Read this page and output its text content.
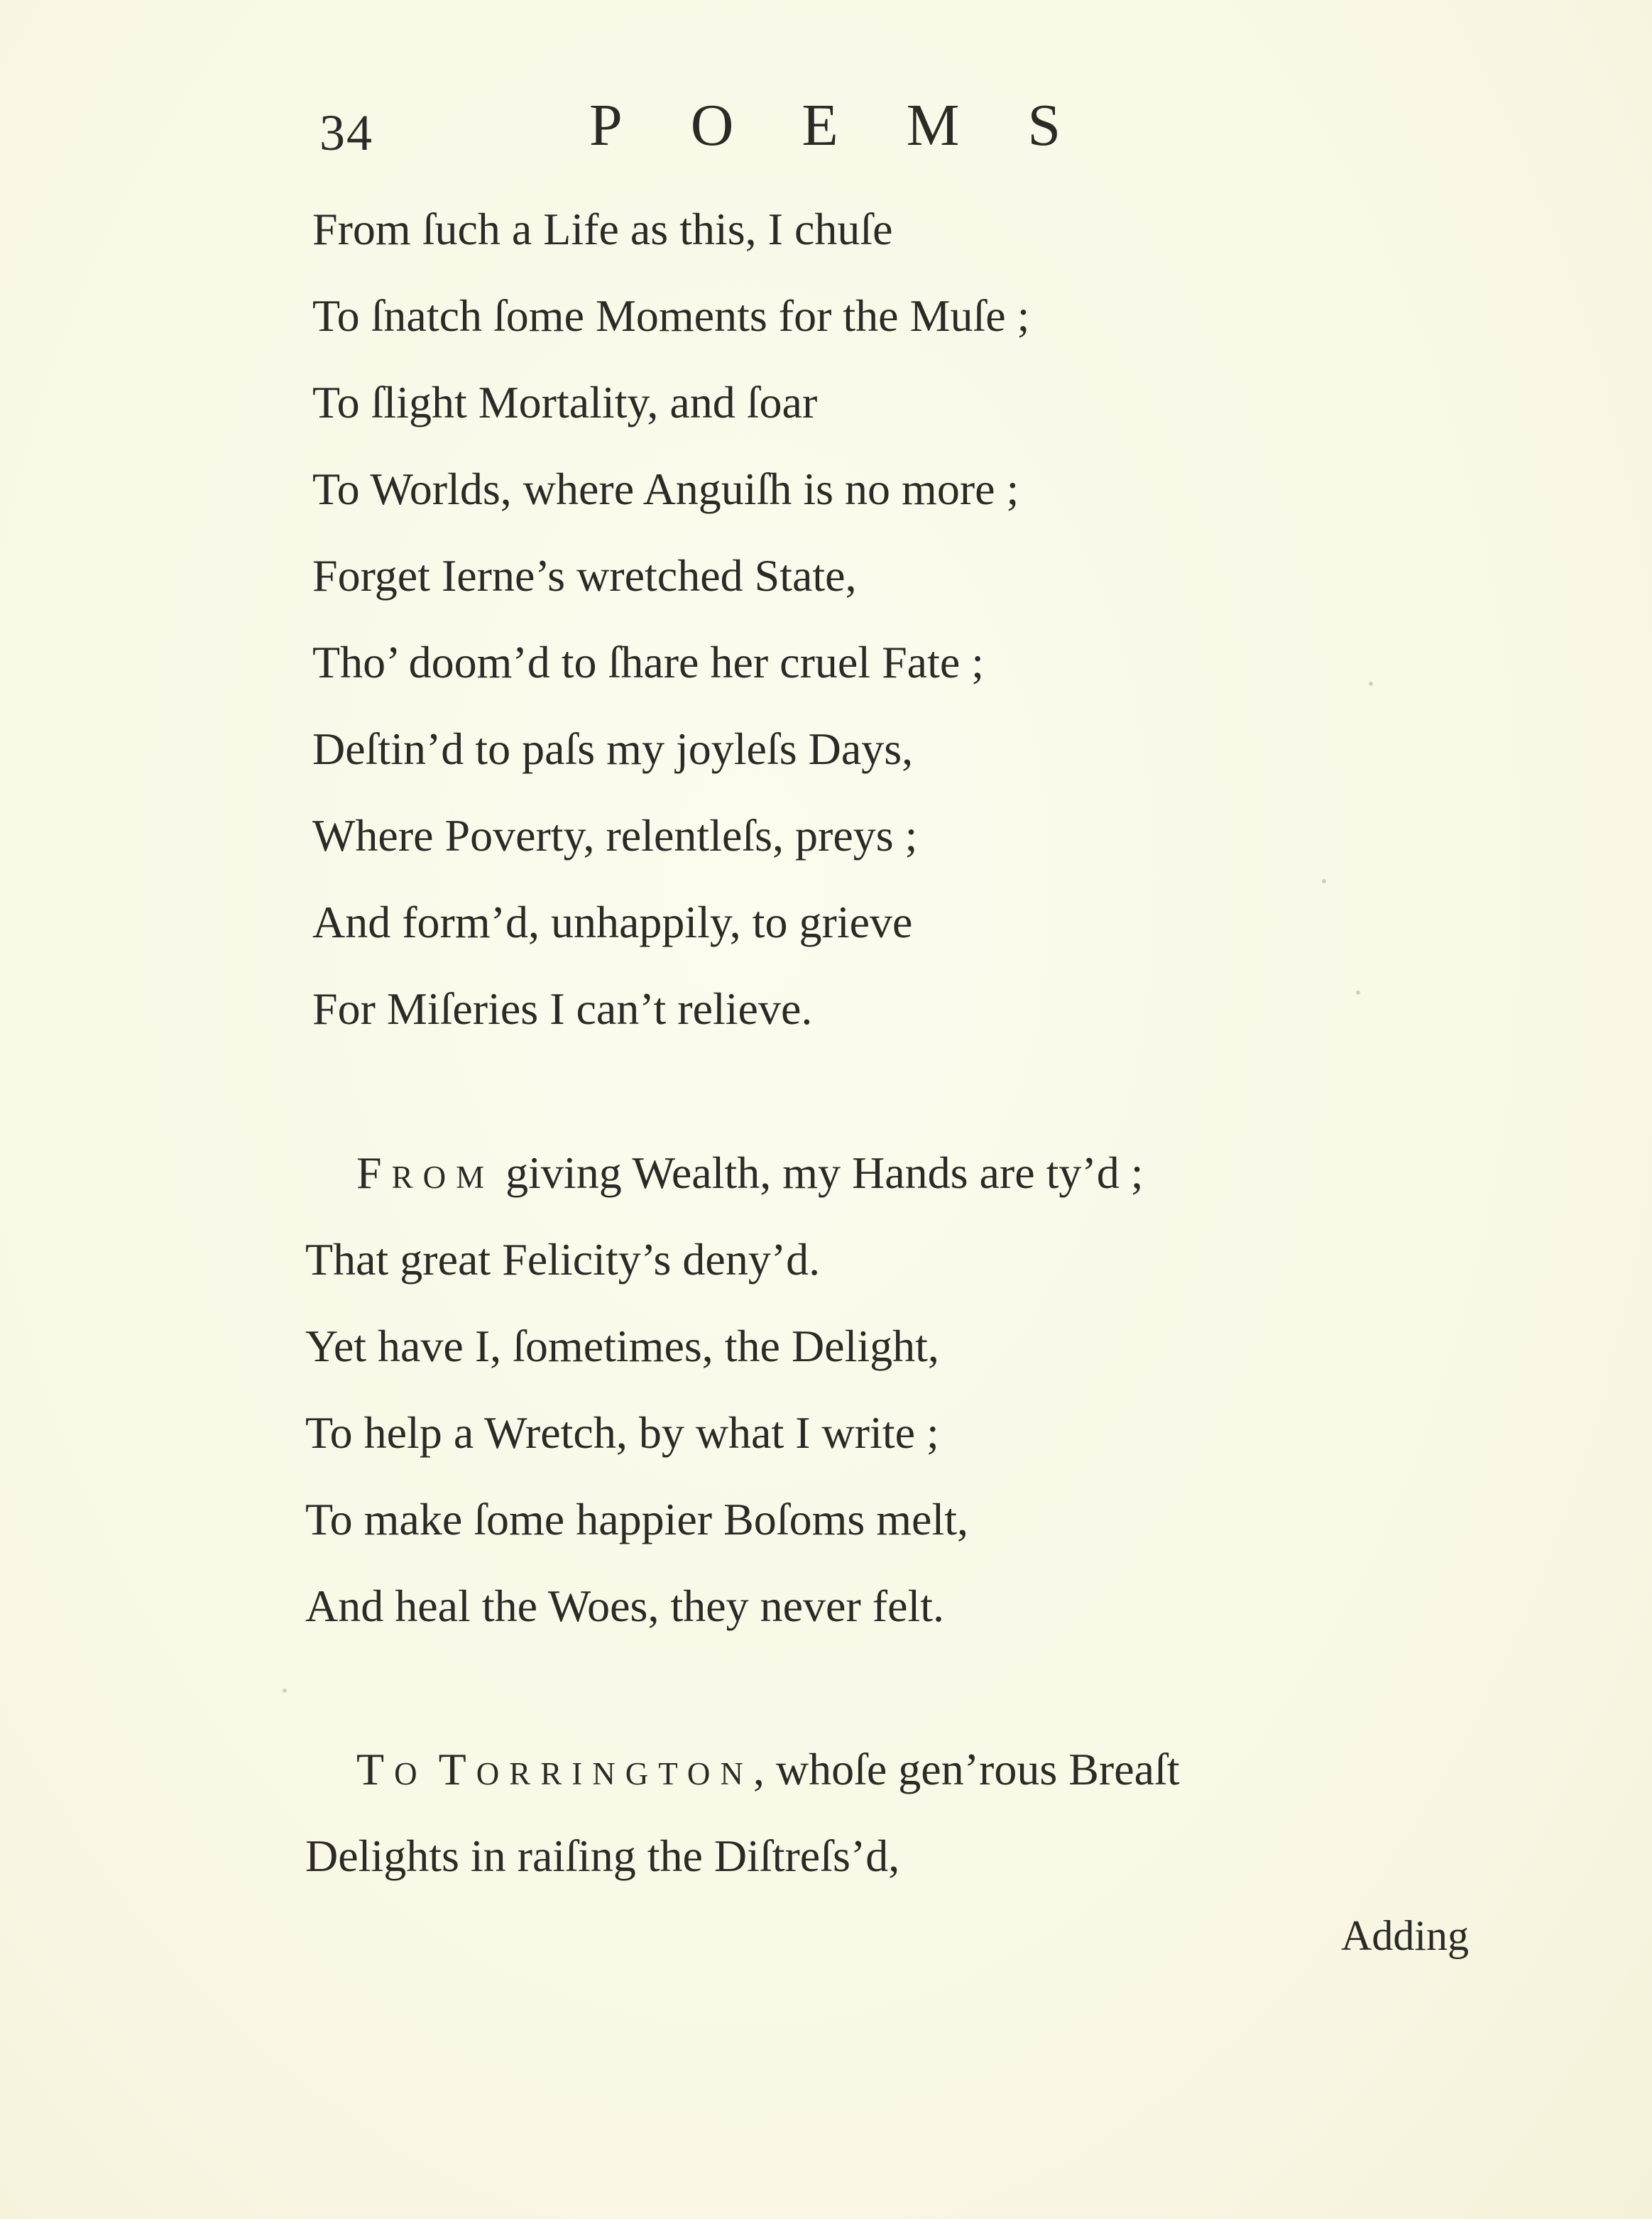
34	POEMS
From ſuch a Life as this, I chuſe
To ſnatch ſome Moments for the Muſe ;
To ſlight Mortality, and ſoar
To Worlds, where Anguiſh is no more ;
Forget Ierne’s wretched State,
Tho’ doom’d to ſhare her cruel Fate ;
Deſtin’d to paſs my joyleſs Days,
Where Poverty, relentleſs, preys ;
And form’d, unhappily, to grieve
For Miſeries I can’t relieve.
From giving Wealth, my Hands are ty’d ;
That great Felicity’s deny’d.
Yet have I, ſometimes, the Delight,
To help a Wretch, by what I write ;
To make ſome happier Boſoms melt,
And heal the Woes, they never felt.
To Torrington, whoſe gen’rous Breaſt
Delights in raiſing the Diſtreſs’d,
Adding
